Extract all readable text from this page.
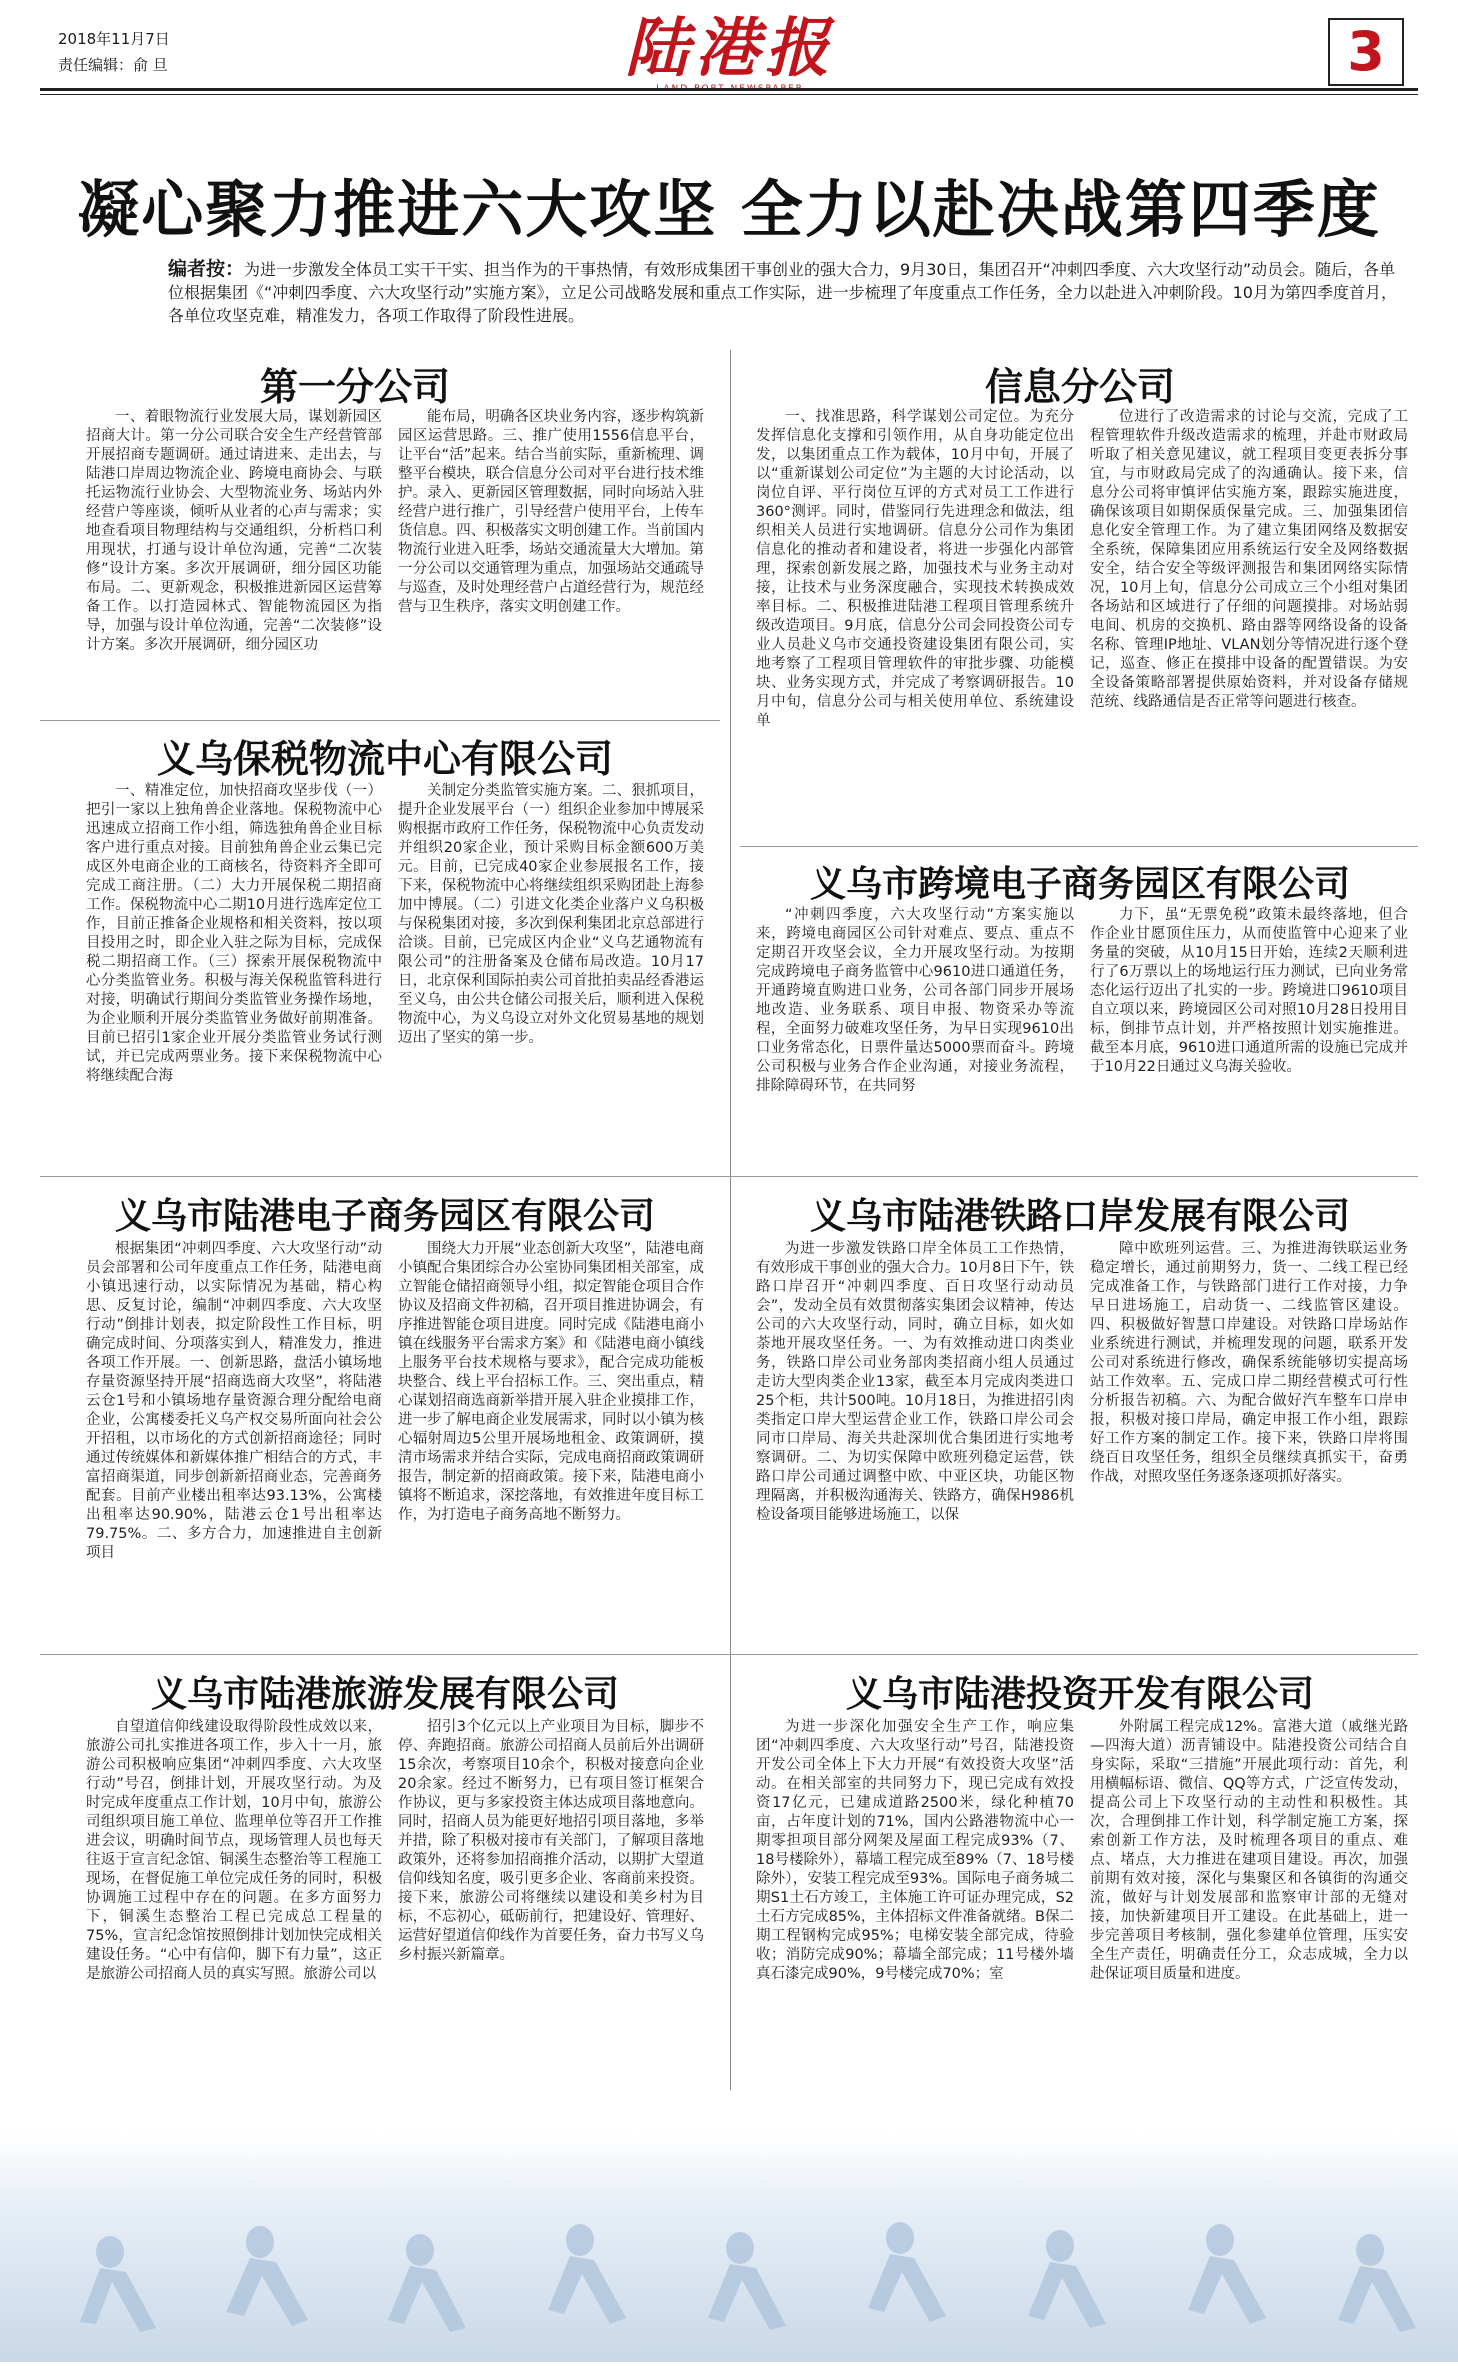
2018年11月7日
责任编辑：俞 旦	陆港报	3
凝心聚力推进六大攻坚 全力以赴决战第四季度
编者按：为进一步激发全体员工实干干实、担当作为的干事热情，有效形成集团干事创业的强大合力，9月30日，集团召开“冲刺四季度、六大攻坚行动”动员会。随后，各单位根据集团《“冲刺四季度、六大攻坚行动”实施方案》，立足公司战略发展和重点工作实际，进一步梳理了年度重点工作任务，全力以赴进入冲刺阶段。10月为第四季度首月，各单位攻坚克难，精准发力，各项工作取得了阶段性进展。
第一分公司

一、着眼物流行业发展大局，谋划新园区招商大计。第一分公司联合安全生产经营管部开展招商专题调研。通过请进来、走出去，与陆港口岸周边物流企业、跨境电商协会、与联托运物流行业协会、大型物流业务、场站内外经营户等座谈，倾听从业者的心声与需求；实地查看项目物理结构与交通组织，分析档口利用现状，打通与设计单位沟通，完善“二次装修”设计方案。多次开展调研，细分园区功能布局。二、更新观念，积极推进新园区运营筹备工作。以打造园林式、智能物流园区为指导，加强与设计单位沟通，完善“二次装修”设计方案。多次开展调研，细分园区功

能布局，明确各区块业务内容，逐步构筑新园区运营思路。三、推广使用1556信息平台，让平台“活”起来。结合当前实际，重新梳理、调整平台模块，联合信息分公司对平台进行技术维护。录入、更新园区管理数据，同时向场站入驻经营户进行推广，引导经营户使用平台，上传车货信息。四、积极落实文明创建工作。当前国内物流行业进入旺季，场站交通流量大大增加。第一分公司以交通管理为重点，加强场站交通疏导与巡查，及时处理经营户占道经营行为，规范经营与卫生秩序，落实文明创建工作。

信息分公司

一、找准思路，科学谋划公司定位。为充分发挥信息化支撑和引领作用，从自身功能定位出发，以集团重点工作为载体，10月中旬，开展了以“重新谋划公司定位”为主题的大讨论活动，以岗位自评、平行岗位互评的方式对员工工作进行360°测评。同时，借鉴同行先进理念和做法，组织相关人员进行实地调研。信息分公司作为集团信息化的推动者和建设者，将进一步强化内部管理，探索创新发展之路，加强技术与业务主动对接，让技术与业务深度融合，实现技术转换成效率目标。二、积极推进陆港工程项目管理系统升级改造项目。9月底，信息分公司会同投资公司专业人员赴义乌市交通投资建设集团有限公司，实地考察了工程项目管理软件的审批步骤、功能模块、业务实现方式，并完成了考察调研报告。10月中旬，信息分公司与相关使用单位、系统建设单

位进行了改造需求的讨论与交流，完成了工程管理软件升级改造需求的梳理，并赴市财政局听取了相关意见建议，就工程项目变更表拆分事宜，与市财政局完成了的沟通确认。接下来，信息分公司将审慎评估实施方案，跟踪实施进度，确保该项目如期保质保量完成。三、加强集团信息化安全管理工作。为了建立集团网络及数据安全系统，保障集团应用系统运行安全及网络数据安全，结合安全等级评测报告和集团网络实际情况，10月上旬，信息分公司成立三个小组对集团各场站和区域进行了仔细的问题摸排。对场站弱电间、机房的交换机、路由器等网络设备的设备名称、管理IP地址、VLAN划分等情况进行逐个登记，巡查、修正在摸排中设备的配置错误。为安全设备策略部署提供原始资料，并对设备存储规范统、线路通信是否正常等问题进行核查。

义乌保税物流中心有限公司

一、精准定位，加快招商攻坚步伐（一）把引一家以上独角兽企业落地。保税物流中心迅速成立招商工作小组，筛选独角兽企业目标客户进行重点对接。目前独角兽企业云集已完成区外电商企业的工商核名，待资料齐全即可完成工商注册。（二）大力开展保税二期招商工作。保税物流中心二期10月进行选库定位工作，目前正推备企业规格和相关资料，按以项目投用之时，即企业入驻之际为目标，完成保税二期招商工作。（三）探索开展保税物流中心分类监管业务。积极与海关保税监管科进行对接，明确试行期间分类监管业务操作场地，为企业顺利开展分类监管业务做好前期准备。目前已招引1家企业开展分类监管业务试行测试，并已完成两票业务。接下来保税物流中心将继续配合海

关制定分类监管实施方案。二、狠抓项目，提升企业发展平台（一）组织企业参加中博展采购根据市政府工作任务，保税物流中心负责发动并组织20家企业，预计采购目标金额600万美元。目前，已完成40家企业参展报名工作，接下来，保税物流中心将继续组织采购团赴上海参加中博展。（二）引进文化类企业落户义乌积极与保税集团对接，多次到保利集团北京总部进行洽谈。目前，已完成区内企业“义乌艺通物流有限公司”的注册备案及仓储布局改造。10月17日，北京保利国际拍卖公司首批拍卖品经香港运至义乌，由公共仓储公司报关后，顺利进入保税物流中心，为义乌设立对外文化贸易基地的规划迈出了坚实的第一步。

义乌市跨境电子商务园区有限公司

“冲刺四季度，六大攻坚行动”方案实施以来，跨境电商园区公司针对难点、要点、重点不定期召开攻坚会议，全力开展攻坚行动。为按期完成跨境电子商务监管中心9610进口通道任务，开通跨境直购进口业务，公司各部门同步开展场地改造、业务联系、项目申报、物资采办等流程，全面努力破难攻坚任务，为早日实现9610出口业务常态化，日票件量达5000票而奋斗。跨境公司积极与业务合作企业沟通，对接业务流程，排除障碍环节，在共同努

力下，虽“无票免税”政策未最终落地，但合作企业甘愿顶住压力，从而使监管中心迎来了业务量的突破，从10月15日开始，连续2天顺利进行了6万票以上的场地运行压力测试，已向业务常态化运行迈出了扎实的一步。跨境进口9610项目自立项以来，跨境园区公司对照10月28日投用目标，倒排节点计划，并严格按照计划实施推进。截至本月底，9610进口通道所需的设施已完成并于10月22日通过义乌海关验收。

义乌市陆港电子商务园区有限公司

根据集团“冲刺四季度、六大攻坚行动”动员会部署和公司年度重点工作任务，陆港电商小镇迅速行动，以实际情况为基础，精心构思、反复讨论，编制“冲刺四季度、六大攻坚行动”倒排计划表，拟定阶段性工作目标，明确完成时间、分项落实到人，精准发力，推进各项工作开展。一、创新思路，盘活小镇场地存量资源坚持开展“招商选商大攻坚”，将陆港云仓1号和小镇场地存量资源合理分配给电商企业，公寓楼委托义乌产权交易所面向社会公开招租，以市场化的方式创新招商途径；同时通过传统媒体和新媒体推广相结合的方式，丰富招商渠道，同步创新新招商业态，完善商务配套。目前产业楼出租率达93.13%，公寓楼出租率达90.90%，陆港云仓1号出租率达79.75%。二、多方合力，加速推进自主创新项目

围绕大力开展“业态创新大攻坚”，陆港电商小镇配合集团综合办公室协同集团相关部室，成立智能仓储招商领导小组，拟定智能仓项目合作协议及招商文件初稿，召开项目推进协调会，有序推进智能仓项目进度。同时完成《陆港电商小镇在线服务平台需求方案》和《陆港电商小镇线上服务平台技术规格与要求》，配合完成功能板块整合、线上平台招标工作。三、突出重点，精心谋划招商选商新举措开展入驻企业摸排工作，进一步了解电商企业发展需求，同时以小镇为核心辐射周边5公里开展场地租金、政策调研，摸清市场需求并结合实际，完成电商招商政策调研报告，制定新的招商政策。接下来，陆港电商小镇将不断追求，深挖落地，有效推进年度目标工作，为打造电子商务高地不断努力。

义乌市陆港铁路口岸发展有限公司

为进一步激发铁路口岸全体员工工作热情，有效形成干事创业的强大合力。10月8日下午，铁路口岸召开“冲刺四季度、百日攻坚行动动员会”，发动全员有效贯彻落实集团会议精神，传达公司的六大攻坚行动，同时，确立目标，如火如荼地开展攻坚任务。一、为有效推动进口肉类业务，铁路口岸公司业务部肉类招商小组人员通过走访大型肉类企业13家，截至本月完成肉类进口25个柜，共计500吨。10月18日，为推进招引肉类指定口岸大型运营企业工作，铁路口岸公司会同市口岸局、海关共赴深圳优合集团进行实地考察调研。二、为切实保障中欧班列稳定运营，铁路口岸公司通过调整中欧、中亚区块，功能区物理隔离，并积极沟通海关、铁路方，确保H986机检设备项目能够进场施工，以保

障中欧班列运营。三、为推进海铁联运业务稳定增长，通过前期努力，货一、二线工程已经完成准备工作，与铁路部门进行工作对接，力争早日进场施工，启动货一、二线监管区建设。四、积极做好智慧口岸建设。对铁路口岸场站作业系统进行测试，并梳理发现的问题，联系开发公司对系统进行修改，确保系统能够切实提高场站工作效率。五、完成口岸二期经营模式可行性分析报告初稿。六、为配合做好汽车整车口岸申报，积极对接口岸局，确定申报工作小组，跟踪好工作方案的制定工作。接下来，铁路口岸将围绕百日攻坚任务，组织全员继续真抓实干，奋勇作战，对照攻坚任务逐条逐项抓好落实。

义乌市陆港旅游发展有限公司

自望道信仰线建设取得阶段性成效以来，旅游公司扎实推进各项工作，步入十一月，旅游公司积极响应集团“冲刺四季度、六大攻坚行动”号召，倒排计划，开展攻坚行动。为及时完成年度重点工作计划，10月中旬，旅游公司组织项目施工单位、监理单位等召开工作推进会议，明确时间节点，现场管理人员也每天往返于宣言纪念馆、铜溪生态整治等工程施工现场，在督促施工单位完成任务的同时，积极协调施工过程中存在的问题。在多方面努力下，铜溪生态整治工程已完成总工程量的75%，宣言纪念馆按照倒排计划加快完成相关建设任务。“心中有信仰，脚下有力量”，这正是旅游公司招商人员的真实写照。旅游公司以

招引3个亿元以上产业项目为目标，脚步不停、奔跑招商。旅游公司招商人员前后外出调研15余次，考察项目10余个，积极对接意向企业20余家。经过不断努力，已有项目签订框架合作协议，更与多家投资主体达成项目落地意向。同时，招商人员为能更好地招引项目落地，多举并措，除了积极对接市有关部门，了解项目落地政策外，还将参加招商推介活动，以期扩大望道信仰线知名度，吸引更多企业、客商前来投资。接下来，旅游公司将继续以建设和美乡村为目标，不忘初心，砥砺前行，把建设好、管理好、运营好望道信仰线作为首要任务，奋力书写义乌乡村振兴新篇章。

义乌市陆港投资开发有限公司

为进一步深化加强安全生产工作，响应集团“冲刺四季度、六大攻坚行动”号召，陆港投资开发公司全体上下大力开展“有效投资大攻坚”活动。在相关部室的共同努力下，现已完成有效投资17亿元，已建成道路2500米，绿化种植70亩，占年度计划的71%，国内公路港物流中心一期零担项目部分网架及屋面工程完成93%（7、18号楼除外），幕墙工程完成至89%（7、18号楼除外），安装工程完成至93%。国际电子商务城二期S1土石方竣工，主体施工许可证办理完成，S2土石方完成85%，主体招标文件准备就绪。B保二期工程钢构完成95%；电梯安装全部完成，待验收；消防完成90%；幕墙全部完成；11号楼外墙真石漆完成90%，9号楼完成70%；室

外附属工程完成12%。富港大道（戚继光路—四海大道）沥青铺设中。陆港投资公司结合自身实际，采取“三措施”开展此项行动：首先，利用横幅标语、微信、QQ等方式，广泛宣传发动，提高公司上下攻坚行动的主动性和积极性。其次，合理倒排工作计划，科学制定施工方案，探索创新工作方法，及时梳理各项目的重点、难点、堵点，大力推进在建项目建设。再次，加强前期有效对接，深化与集聚区和各镇街的沟通交流，做好与计划发展部和监察审计部的无缝对接，加快新建项目开工建设。在此基础上，进一步完善项目考核制，强化参建单位管理，压实安全生产责任，明确责任分工，众志成城，全力以赴保证项目质量和进度。
